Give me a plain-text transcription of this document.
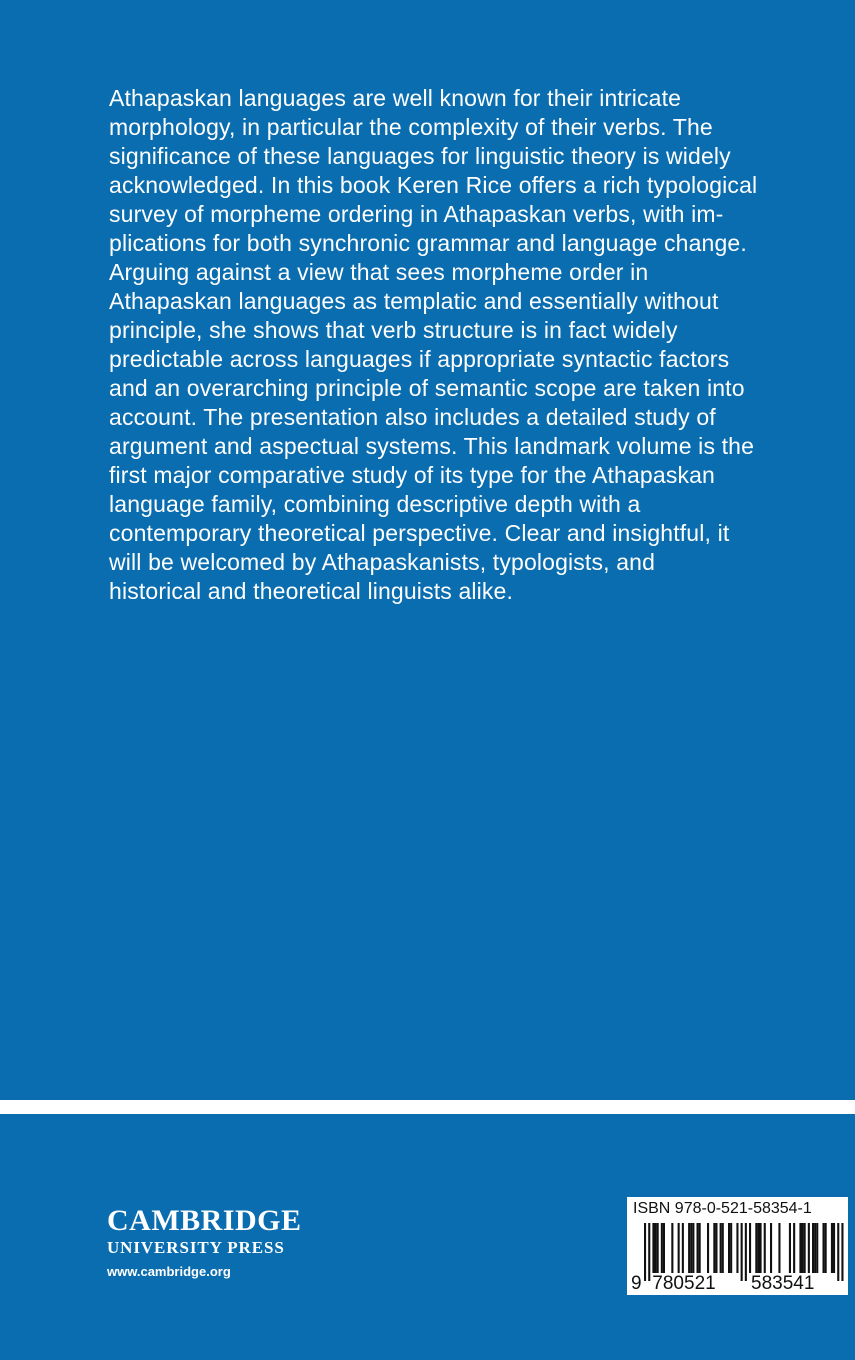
Athapaskan languages are well known for their intricate
morphology, in particular the complexity of their verbs. The
significance of these languages for linguistic theory is widely
acknowledged. In this book Keren Rice offers a rich typological
survey of morpheme ordering in Athapaskan verbs, with im-
plications for both synchronic grammar and language change.
Arguing against a view that sees morpheme order in
Athapaskan languages as templatic and essentially without
principle, she shows that verb structure is in fact widely
predictable across languages if appropriate syntactic factors
and an overarching principle of semantic scope are taken into
account. The presentation also includes a detailed study of
argument and aspectual systems. This landmark volume is the
first major comparative study of its type for the Athapaskan
language family, combining descriptive depth with a
contemporary theoretical perspective. Clear and insightful, it
will be welcomed by Athapaskanists, typologists, and
historical and theoretical linguists alike.

CAMBRIDGE
UNIVERSITY PRESS
www.cambridge.org
9 780521 583541
ISBN 978-0-521-58354-1
